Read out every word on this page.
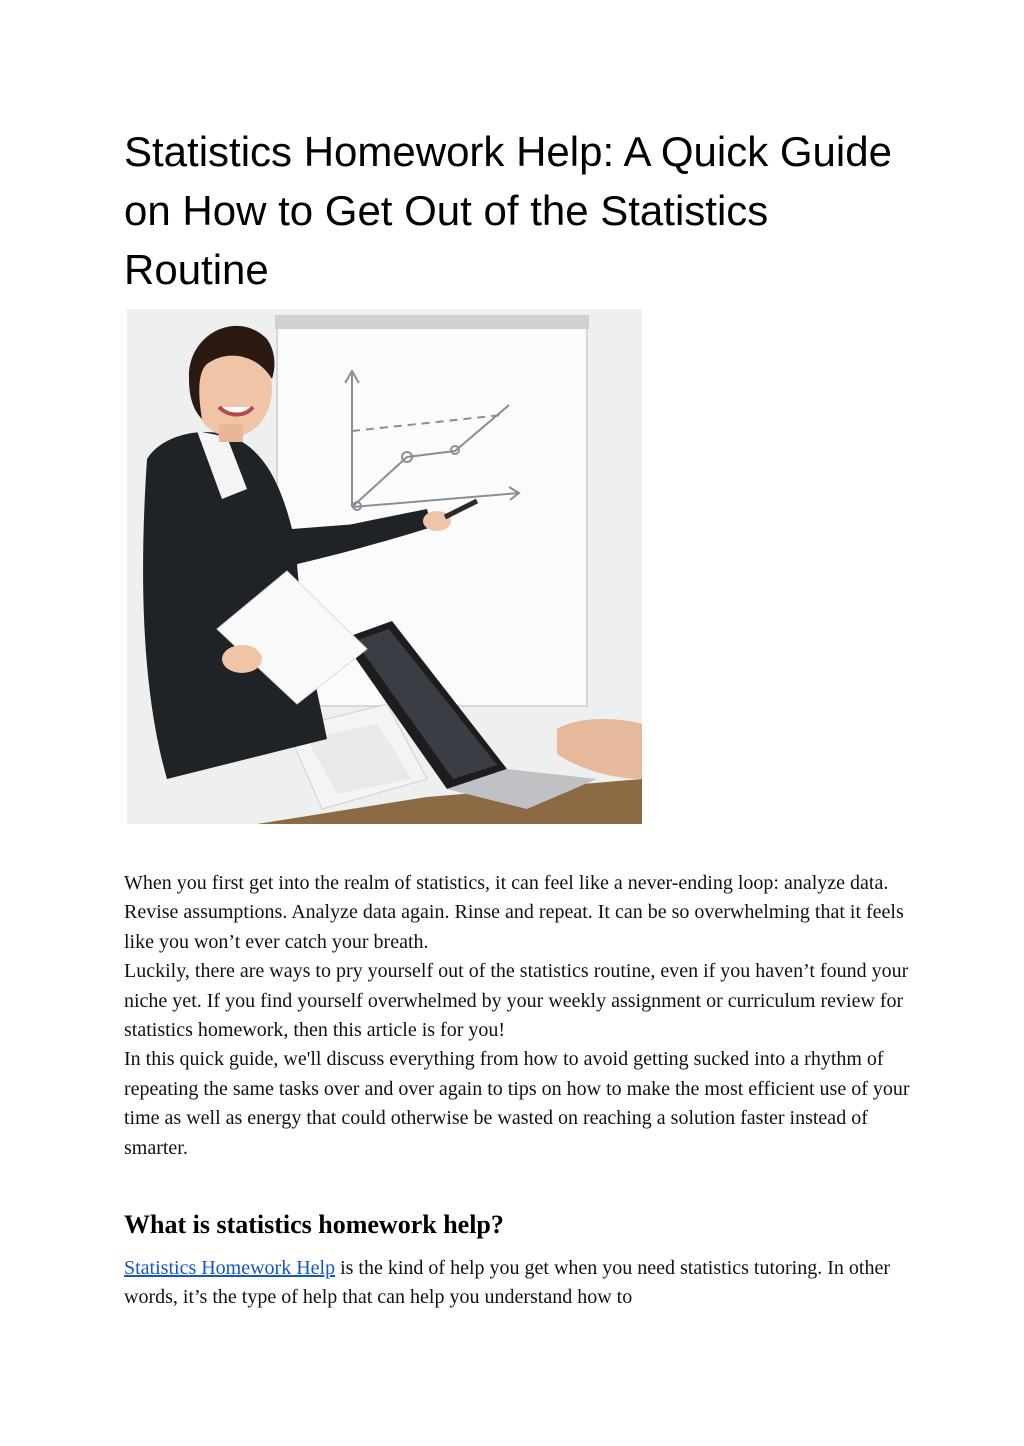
Statistics Homework Help: A Quick Guide on How to Get Out of the Statistics Routine

When you first get into the realm of statistics, it can feel like a never-ending loop: analyze data. Revise assumptions. Analyze data again. Rinse and repeat. It can be so overwhelming that it feels like you won’t ever catch your breath.

Luckily, there are ways to pry yourself out of the statistics routine, even if you haven’t found your niche yet. If you find yourself overwhelmed by your weekly assignment or curriculum review for statistics homework, then this article is for you!

In this quick guide, we'll discuss everything from how to avoid getting sucked into a rhythm of repeating the same tasks over and over again to tips on how to make the most efficient use of your time as well as energy that could otherwise be wasted on reaching a solution faster instead of smarter.

What is statistics homework help?

Statistics Homework Help is the kind of help you get when you need statistics tutoring. In other words, it’s the type of help that can help you understand how to
